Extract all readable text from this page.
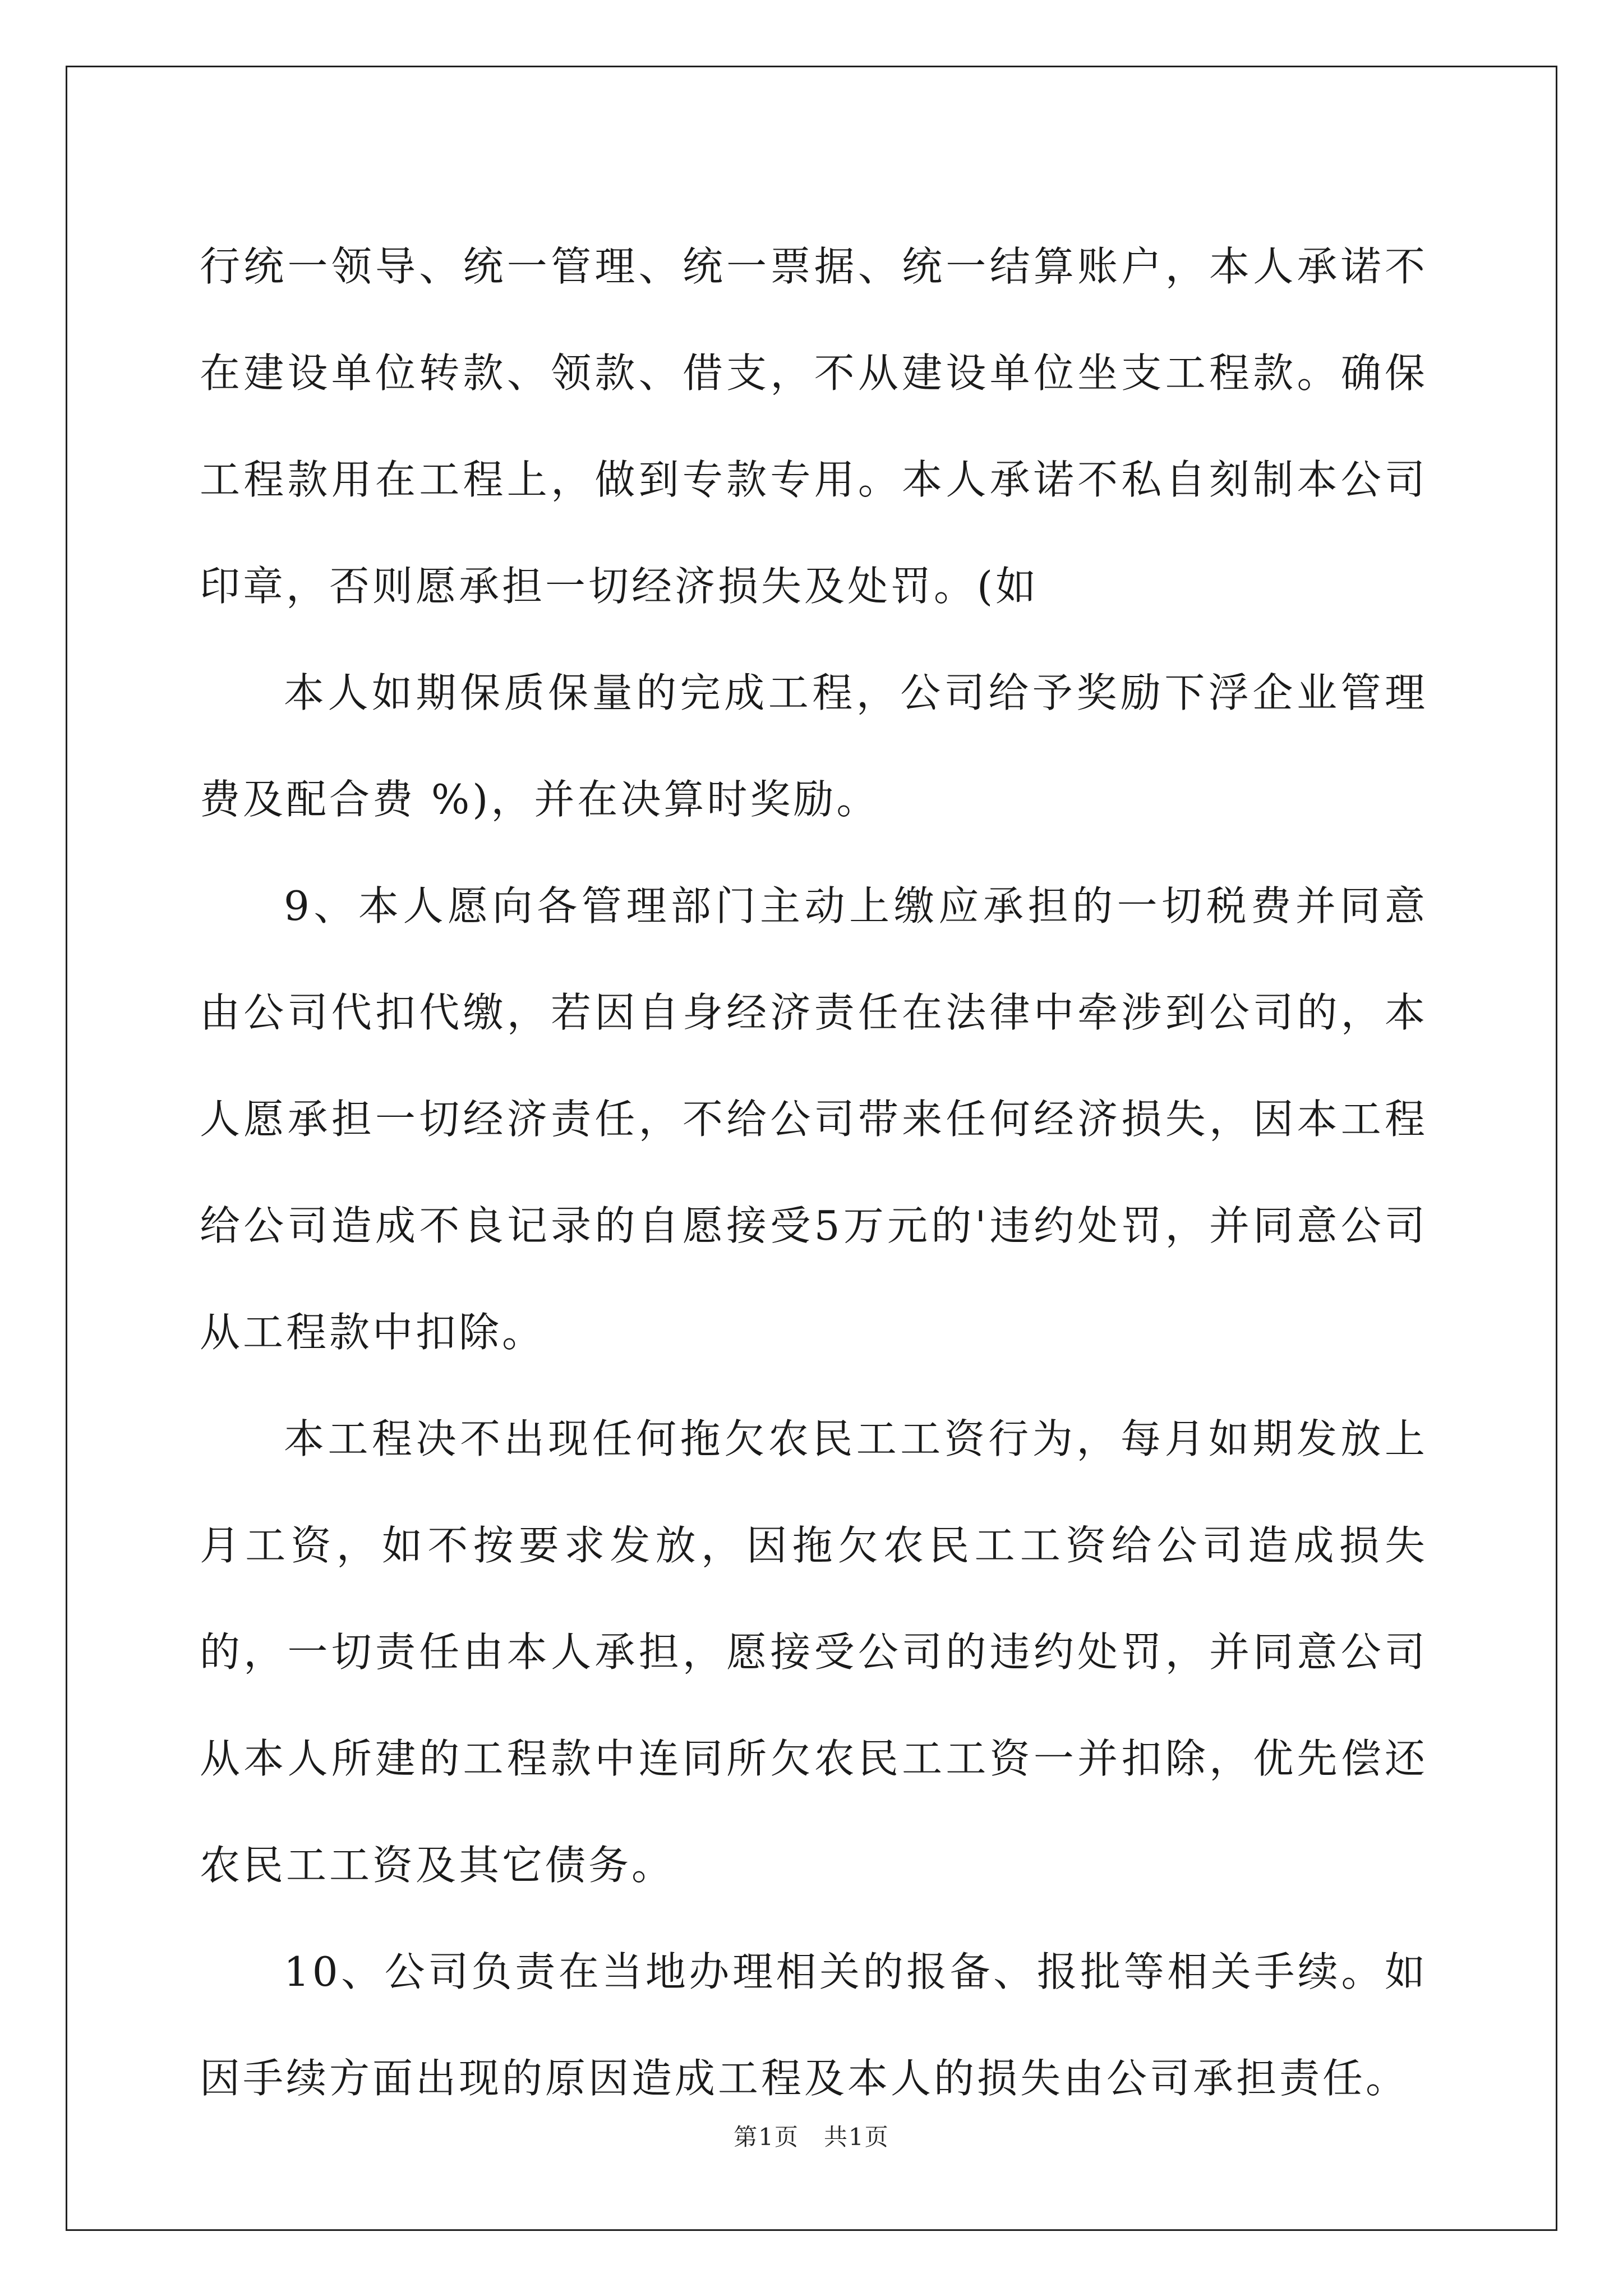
行统一领导、统一管理、统一票据、统一结算账户，本人承诺不在建设单位转款、领款、借支，不从建设单位坐支工程款。确保工程款用在工程上，做到专款专用。本人承诺不私自刻制本公司印章，否则愿承担一切经济损失及处罚。(如

本人如期保质保量的完成工程，公司给予奖励下浮企业管理费及配合费 %)，并在决算时奖励。

9、本人愿向各管理部门主动上缴应承担的一切税费并同意由公司代扣代缴，若因自身经济责任在法律中牵涉到公司的，本人愿承担一切经济责任，不给公司带来任何经济损失，因本工程给公司造成不良记录的自愿接受5万元的'违约处罚，并同意公司从工程款中扣除。

本工程决不出现任何拖欠农民工工资行为，每月如期发放上月工资，如不按要求发放，因拖欠农民工工资给公司造成损失的，一切责任由本人承担，愿接受公司的违约处罚，并同意公司从本人所建的工程款中连同所欠农民工工资一并扣除，优先偿还农民工工资及其它债务。

10、公司负责在当地办理相关的报备、报批等相关手续。如因手续方面出现的原因造成工程及本人的损失由公司承担责任。

第1页　共1页
